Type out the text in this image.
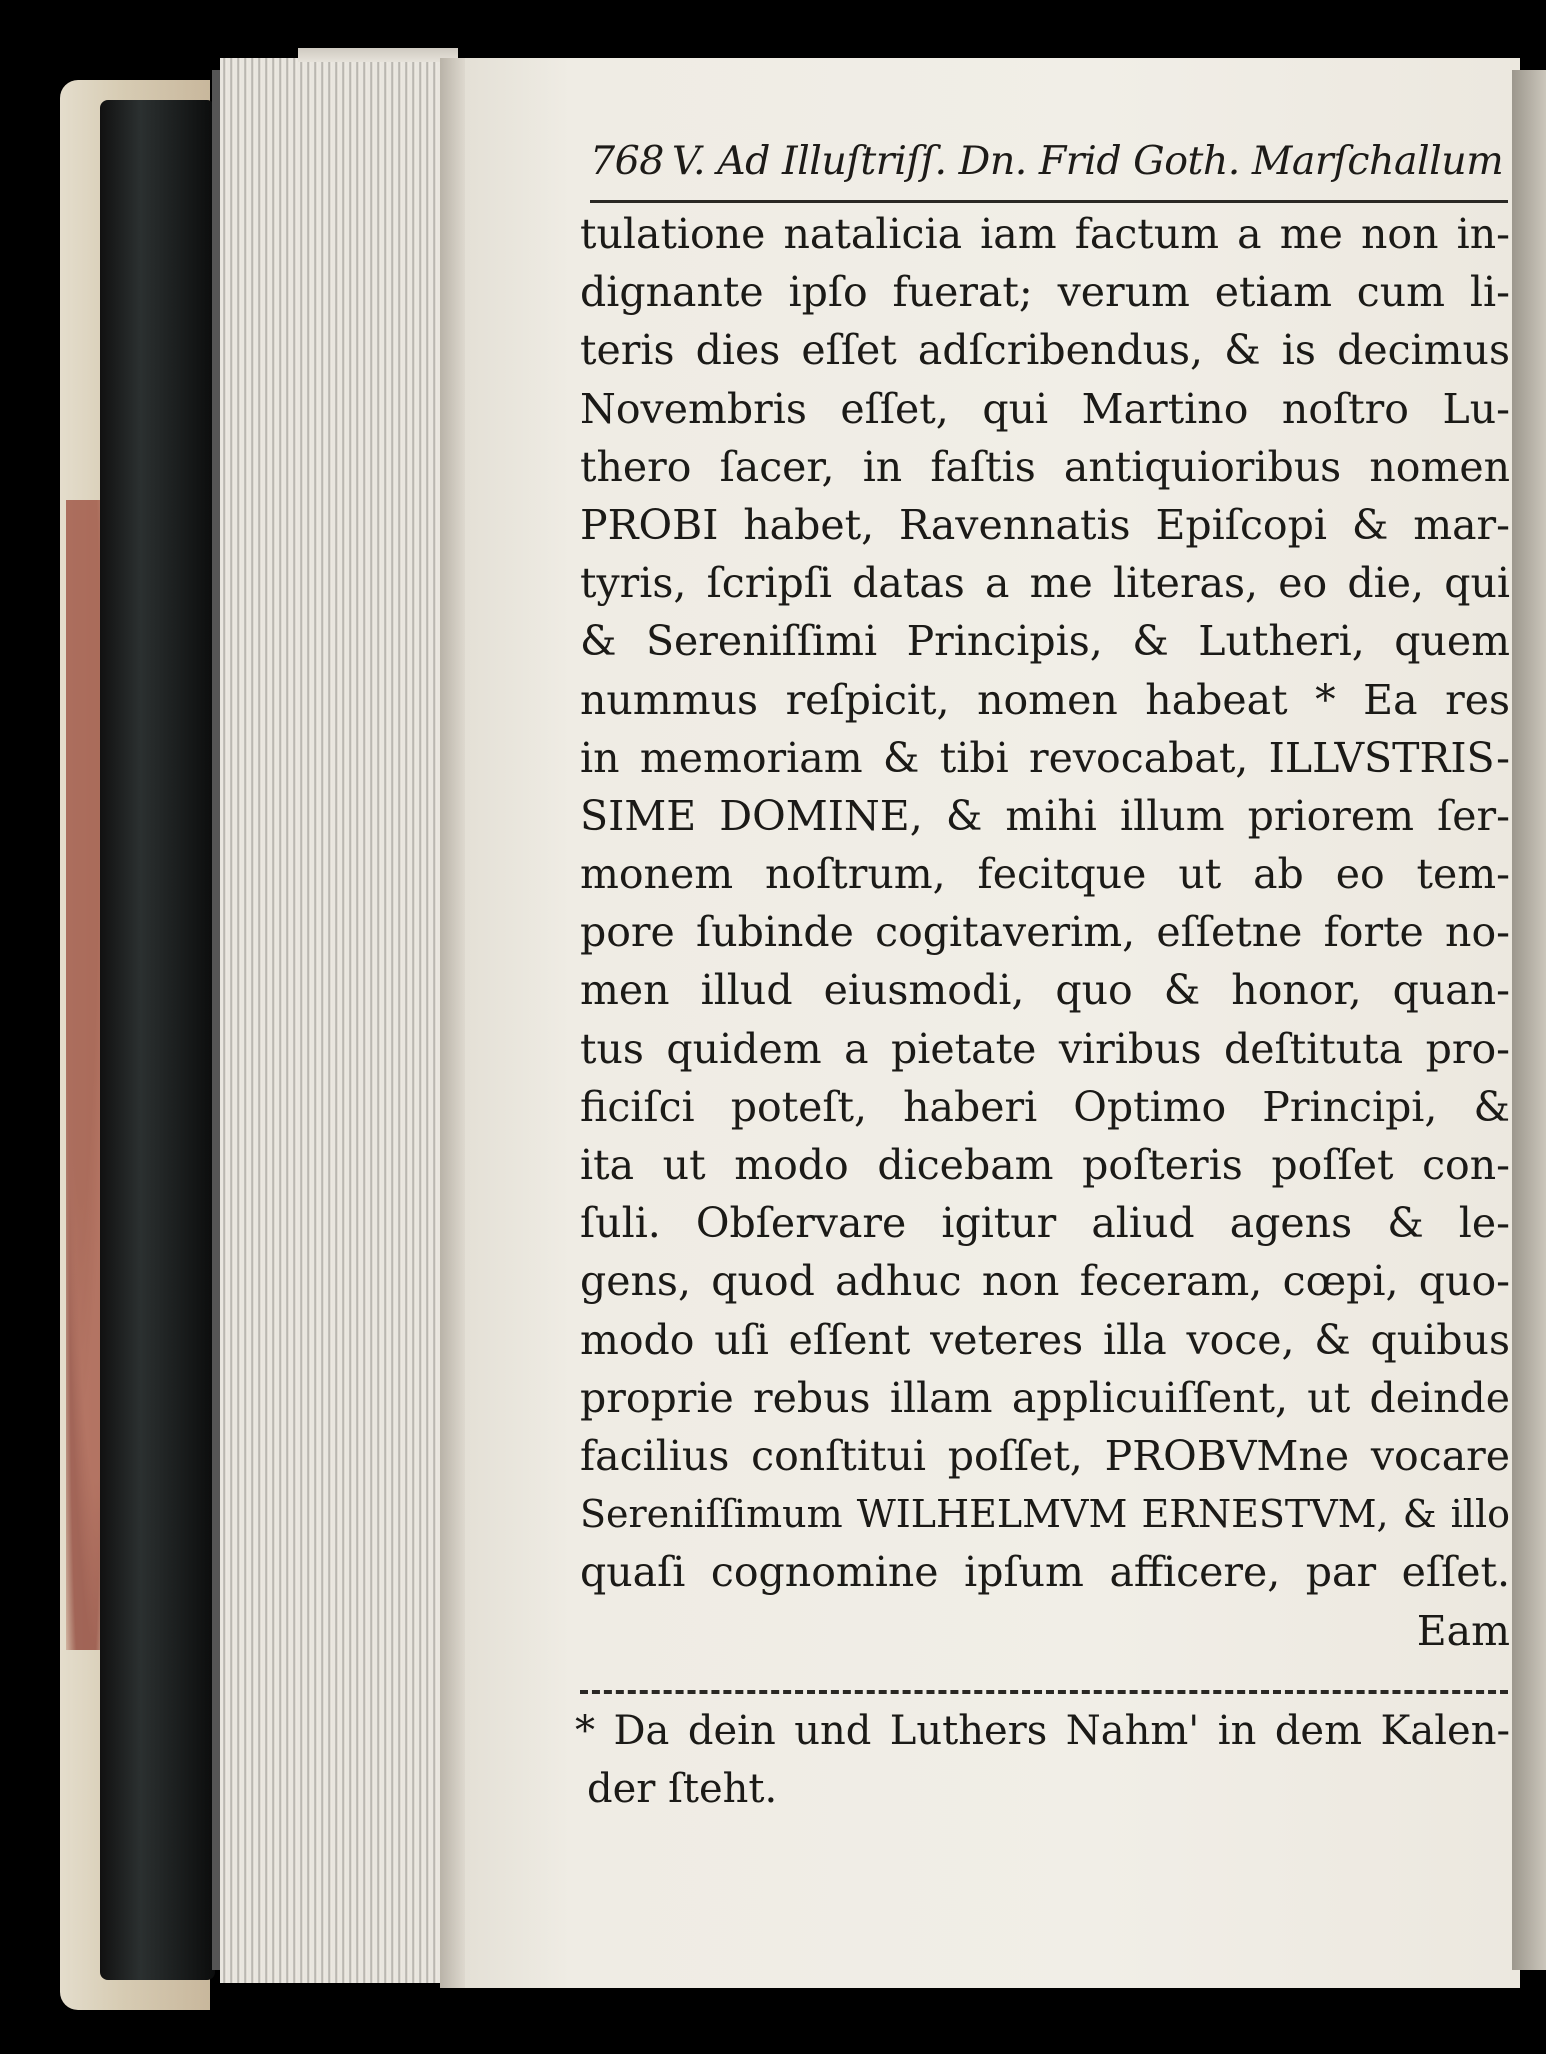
768 V. Ad Illuſtriſſ. Dn. Frid Goth. Marſchallum
tulatione natalicia iam factum a me non in-
dignante ipſo fuerat; verum etiam cum li-
teris dies eſſet adſcribendus, & is decimus
Novembris eſſet, qui Martino noſtro Lu-
thero ſacer, in faſtis antiquioribus nomen
PROBI habet, Ravennatis Epiſcopi & mar-
tyris, ſcripſi datas a me literas, eo die, qui
& Sereniſſimi Principis, & Lutheri, quem
nummus reſpicit, nomen habeat * Ea res
in memoriam & tibi revocabat, ILLVSTRIS-
SIME DOMINE, & mihi illum priorem ſer-
monem noſtrum, fecitque ut ab eo tem-
pore ſubinde cogitaverim, eſſetne forte no-
men illud eiusmodi, quo & honor, quan-
tus quidem a pietate viribus deſtituta pro-
ficiſci poteſt, haberi Optimo Principi, &
ita ut modo dicebam poſteris poſſet con-
ſuli. Obſervare igitur aliud agens & le-
gens, quod adhuc non feceram, cœpi, quo-
modo uſi eſſent veteres illa voce, & quibus
proprie rebus illam applicuiſſent, ut deinde
facilius conſtitui poſſet, PROBVMne vocare
Sereniſſimum WILHELMVM ERNESTVM, & illo
quaſi cognomine ipſum afficere, par eſſet.
Eam
* Da dein und Luthers Nahm' in dem Kalen-
der ſteht.
